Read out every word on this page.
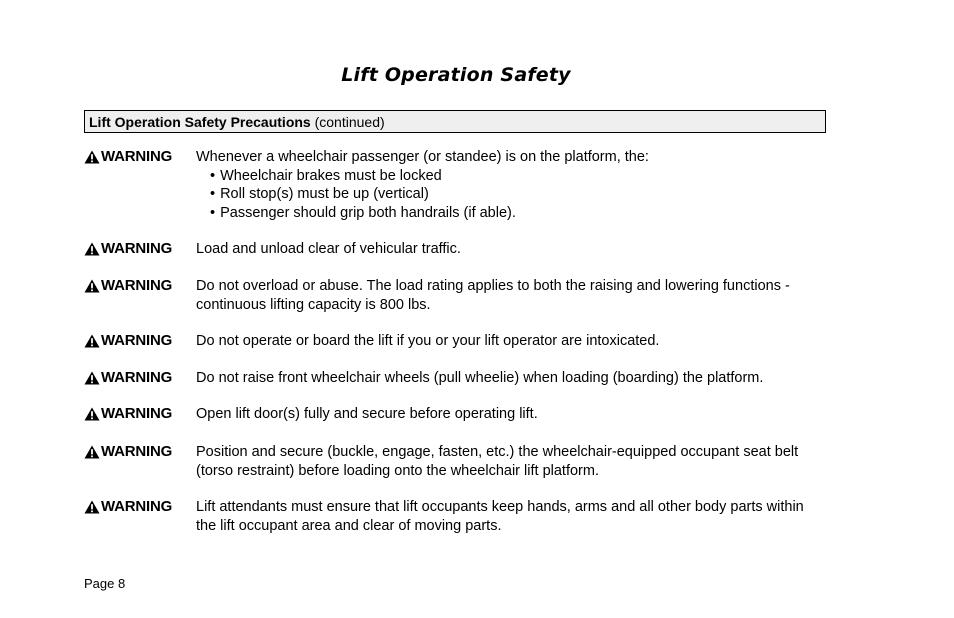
Lift Operation Safety
Lift Operation Safety Precautions (continued)
WARNING Whenever a wheelchair passenger (or standee) is on the platform, the:
• Wheelchair brakes must be locked
• Roll stop(s) must be up (vertical)
• Passenger should grip both handrails (if able).
WARNING Load and unload clear of vehicular traffic.
WARNING Do not overload or abuse. The load rating applies to both the raising and lowering functions - continuous lifting capacity is 800 lbs.
WARNING Do not operate or board the lift if you or your lift operator are intoxicated.
WARNING Do not raise front wheelchair wheels (pull wheelie) when loading (boarding) the platform.
WARNING Open lift door(s) fully and secure before operating lift.
WARNING Position and secure (buckle, engage, fasten, etc.) the wheelchair-equipped occupant seat belt (torso restraint) before loading onto the wheelchair lift platform.
WARNING Lift attendants must ensure that lift occupants keep hands, arms and all other body parts within the lift occupant area and clear of moving parts.
Page 8
